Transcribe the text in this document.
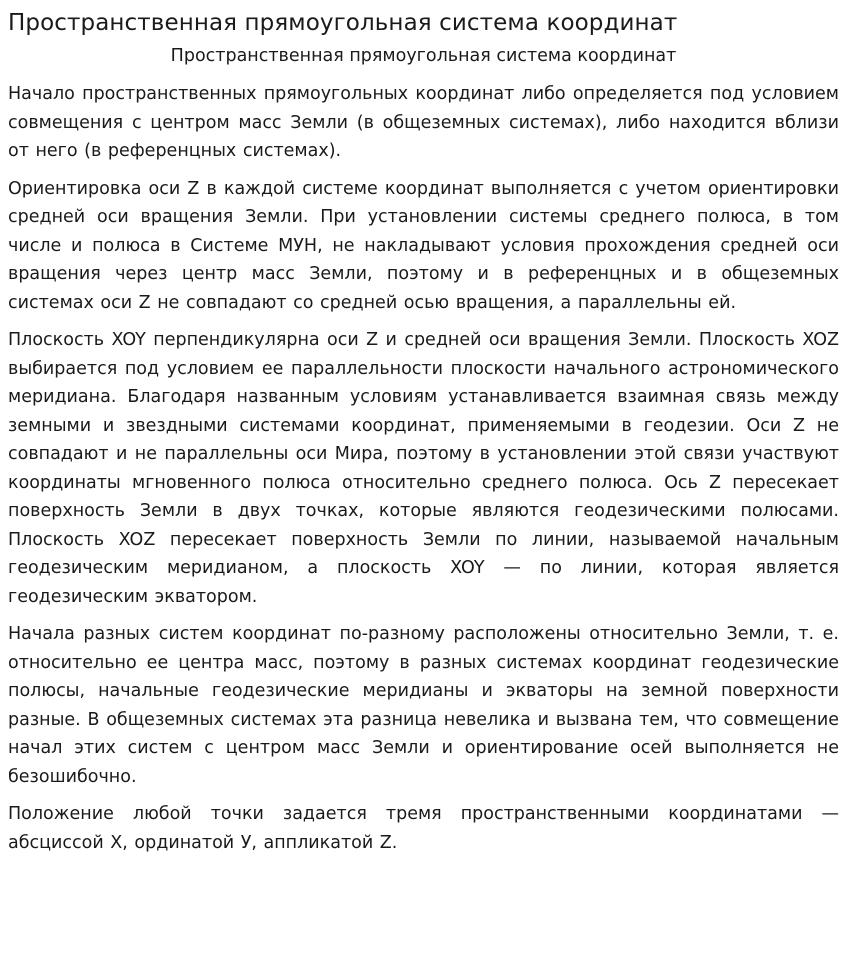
Пространственная прямоугольная система координат
Пространственная прямоугольная система координат

Начало пространственных прямоугольных координат либо определяется под условием совмещения с центром масс Земли (в общеземных системах), либо находится вблизи от него (в референцных системах).

Ориентировка оси Z в каждой системе координат выполняется с учетом ориентировки средней оси вращения Земли. При установлении системы среднего полюса, в том числе и полюса в Системе МУН, не накладывают условия прохождения средней оси вращения через центр масс Земли, поэтому и в референцных и в общеземных системах оси Z не совпадают со средней осью вращения, а параллельны ей.

Плоскость XOY перпендикулярна оси Z и средней оси вращения Земли. Плоскость XOZ выбирается под условием ее параллельности плоскости начального астрономического меридиана. Благодаря названным условиям устанавливается взаимная связь между земными и звездными системами координат, применяемыми в геодезии. Оси Z не совпадают и не параллельны оси Мира, поэтому в установлении этой связи участвуют координаты мгновенного полюса относительно среднего полюса. Ось Z пересекает поверхность Земли в двух точках, которые являются геодезическими полюсами. Плоскость XOZ пересекает поверхность Земли по линии, называемой начальным геодезическим меридианом, а плоскость XOY — по линии, которая является геодезическим экватором.

Начала разных систем координат по-разному расположены относительно Земли, т. е. относительно ее центра масс, поэтому в разных системах координат геодезические полюсы, начальные геодезические меридианы и экваторы на земной поверхности разные. В общеземных системах эта разница невелика и вызвана тем, что совмещение начал этих систем с центром масс Земли и ориентирование осей выполняется не безошибочно.

Положение любой точки задается тремя пространственными координатами — абсциссой X, ординатой У, аппликатой Z.
